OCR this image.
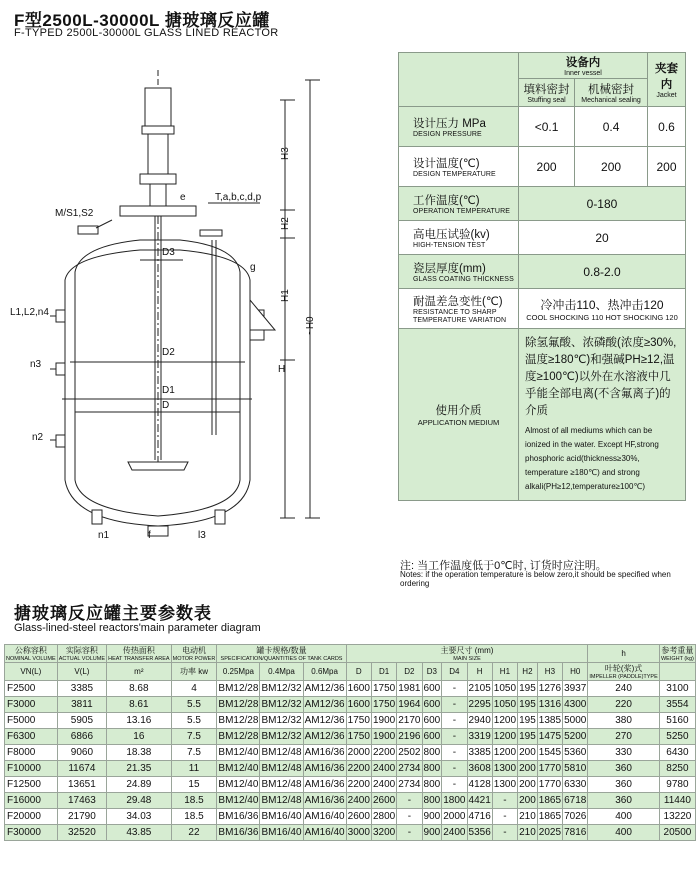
F型2500L-30000L 搪玻璃反应罐
F-TYPED 2500L-30000L GLASS LINED REACTOR
H3
H2
H1
H
~H0
M/S1,S2
e	T,a,b,c,d,p
D3
g
L1,L2,n4
n3
D2
D1
D
n2
n1	f	l3
	设备内
Inner vessel		夹套内
Jacket

	填料密封
Stuffing seal	机械密封
Mechanical sealing	

设计压力 MPa
DESIGN PRESSURE	<0.1	0.4	0.6
设计温度(℃)
DESIGN TEMPERATURE	200	200	200
工作温度(℃)
OPERATION TEMPERATURE	0-180		
高电压试验(kv)
HIGH-TENSION TEST	20		
瓷层厚度(mm)
GLASS COATING THICKNESS	0.8-2.0		
耐温差急变性(℃)
RESISTANCE TO SHARP
TEMPERATURE VARIATION	冷冲击110、热冲击120
COOL SHOCKING 110 HOT SHOCKING 120		

使用介质
APPLICATION MEDIUM	除氢氟酸、浓磷酸(浓度≥30%,温度≥180℃)和强碱PH≥12,温度≥100℃)以外在水溶液中几乎能全部电离(不含氟离子)的介质
Almost of all mediums which can be ionized in the water. Except HF,strong phosphoric acid(thickness≥30%, temperature ≥180℃) and strong alkali(PH≥12,temperature≥100℃)		
注: 当工作温度低于0℃时, 订货时应注明。
Notes: if the operation temperature is below zero,it should be specified when ordering
搪玻璃反应罐主要参数表
Glass-lined-steel reactors'main parameter diagram
公称容积
NOMINAL VOLUME	实际容积
ACTUAL VOLUME	传热面积
HEAT TRANSFER AREA	电动机
MOTOR POWER	罐卡规格/数量
SPECIFICATION/QUANTITIES OF TANK CARDS			主要尺寸 (mm)
MAIN SIZE										h	参考重量
WEIGHT (kg)

				0.25Mpa	0.4Mpa	0.6Mpa	D	D1	D2	D3	D4	H	H1	H2	H3	H0	叶轮(桨)式
IMPELLER (PADDLE)TYPE	

VN(L)	V(L)	m²	功率 kw															
F2500	3385	8.68	4	BM12/28	BM12/32	AM12/36	1600	1750	1981	600	-	2105	1050	195	1276	3937	240	3100
F3000	3811	8.61	5.5	BM12/28	BM12/32	AM12/36	1600	1750	1964	600	-	2295	1050	195	1316	4300	220	3554
F5000	5905	13.16	5.5	BM12/28	BM12/32	AM12/36	1750	1900	2170	600	-	2940	1200	195	1385	5000	380	5160
F6300	6866	16	7.5	BM12/28	BM12/32	AM12/36	1750	1900	2196	600	-	3319	1200	195	1475	5200	270	5250
F8000	9060	18.38	7.5	BM12/40	BM12/48	AM16/36	2000	2200	2502	800	-	3385	1200	200	1545	5360	330	6430
F10000	11674	21.35	11	BM12/40	BM12/48	AM16/36	2200	2400	2734	800	-	3608	1300	200	1770	5810	360	8250
F12500	13651	24.89	15	BM12/40	BM12/48	AM16/36	2200	2400	2734	800	-	4128	1300	200	1770	6330	360	9780
F16000	17463	29.48	18.5	BM12/40	BM12/48	AM16/36	2400	2600	-	800	1800	4421	-	200	1865	6718	360	11440
F20000	21790	34.03	18.5	BM16/36	BM16/40	AM16/40	2600	2800	-	900	2000	4716	-	210	1865	7026	400	13220
F30000	32520	43.85	22	BM16/36	BM16/40	AM16/40	3000	3200	-	900	2400	5356	-	210	2025	7816	400	20500
